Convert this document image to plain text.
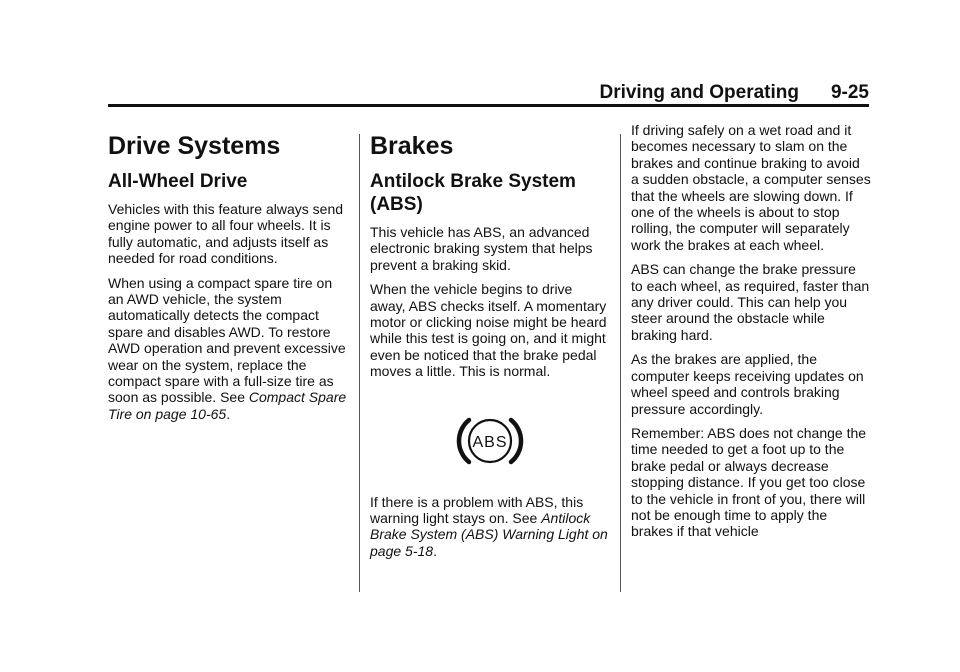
Driving and Operating 9-25
Drive Systems
All-Wheel Drive

Vehicles with this feature always send engine power to all four wheels. It is fully automatic, and adjusts itself as needed for road conditions.

When using a compact spare tire on an AWD vehicle, the system automatically detects the compact spare and disables AWD. To restore AWD operation and prevent excessive wear on the system, replace the compact spare with a full-size tire as soon as possible. See Compact Spare Tire on page 10-65.

Brakes
Antilock Brake System (ABS)

This vehicle has ABS, an advanced electronic braking system that helps prevent a braking skid.

When the vehicle begins to drive away, ABS checks itself. A momentary motor or clicking noise might be heard while this test is going on, and it might even be noticed that the brake pedal moves a little. This is normal.

ABS

If there is a problem with ABS, this warning light stays on. See Antilock Brake System (ABS) Warning Light on page 5-18.

If driving safely on a wet road and it becomes necessary to slam on the brakes and continue braking to avoid a sudden obstacle, a computer senses that the wheels are slowing down. If one of the wheels is about to stop rolling, the computer will separately work the brakes at each wheel.

ABS can change the brake pressure to each wheel, as required, faster than any driver could. This can help you steer around the obstacle while braking hard.

As the brakes are applied, the computer keeps receiving updates on wheel speed and controls braking pressure accordingly.

Remember: ABS does not change the time needed to get a foot up to the brake pedal or always decrease stopping distance. If you get too close to the vehicle in front of you, there will not be enough time to apply the brakes if that vehicle
